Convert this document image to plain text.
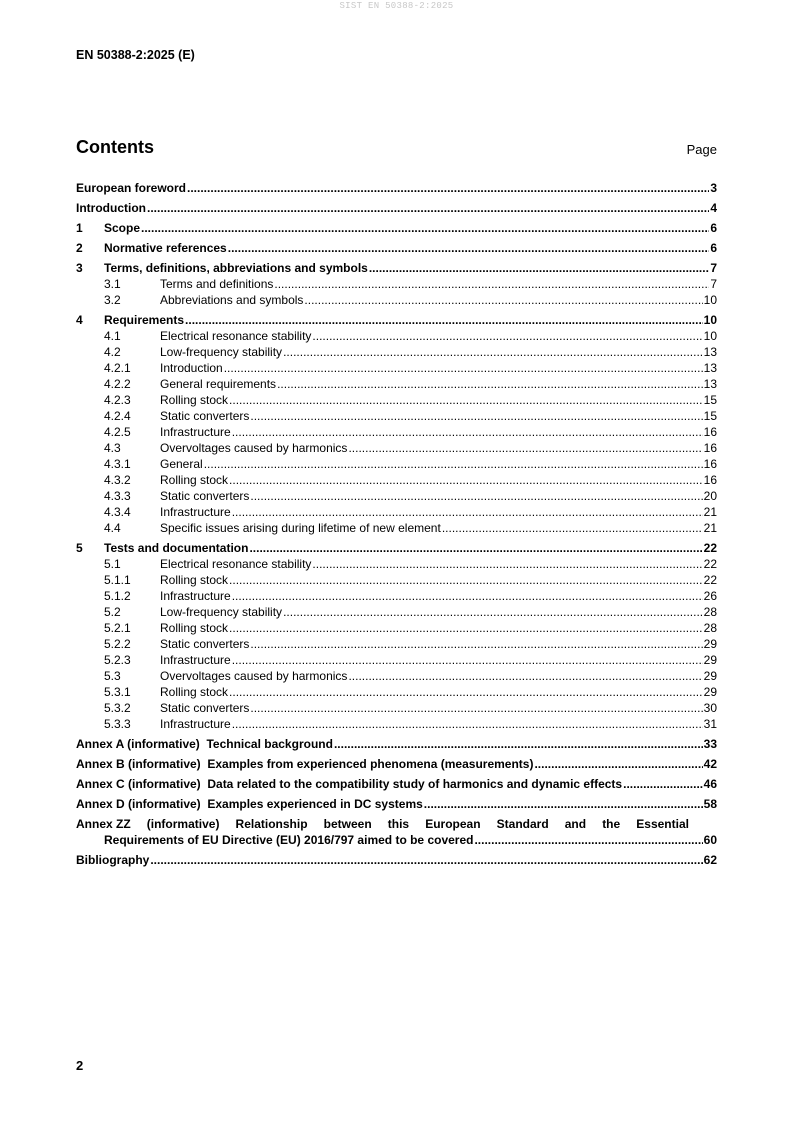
SIST EN 50388-2:2025
EN 50388-2:2025 (E)
Contents	Page
European foreword .....	3
Introduction .....	4
1	Scope .....	6
2	Normative references .....	6
3	Terms, definitions, abbreviations and symbols .....	7
3.1	Terms and definitions .....	7
3.2	Abbreviations and symbols .....	10
4	Requirements .....	10
4.1	Electrical resonance stability .....	10
4.2	Low-frequency stability .....	13
4.2.1	Introduction .....	13
4.2.2	General requirements .....	13
4.2.3	Rolling stock .....	15
4.2.4	Static converters .....	15
4.2.5	Infrastructure .....	16
4.3	Overvoltages caused by harmonics .....	16
4.3.1	General .....	16
4.3.2	Rolling stock .....	16
4.3.3	Static converters .....	20
4.3.4	Infrastructure .....	21
4.4	Specific issues arising during lifetime of new element .....	21
5	Tests and documentation .....	22
5.1	Electrical resonance stability .....	22
5.1.1	Rolling stock .....	22
5.1.2	Infrastructure .....	26
5.2	Low-frequency stability .....	28
5.2.1	Rolling stock .....	28
5.2.2	Static converters .....	29
5.2.3	Infrastructure .....	29
5.3	Overvoltages caused by harmonics .....	29
5.3.1	Rolling stock .....	29
5.3.2	Static converters .....	30
5.3.3	Infrastructure .....	31
Annex A (informative)  Technical background .....	33
Annex B (informative)  Examples from experienced phenomena (measurements) .....	42
Annex C (informative)  Data related to the compatibility study of harmonics and dynamic effects .....	46
Annex D (informative)  Examples experienced in DC systems .....	58
Annex ZZ (informative) Relationship between this European Standard and the Essential
Requirements of EU Directive (EU) 2016/797 aimed to be covered .....	60
Bibliography .....	62
2
